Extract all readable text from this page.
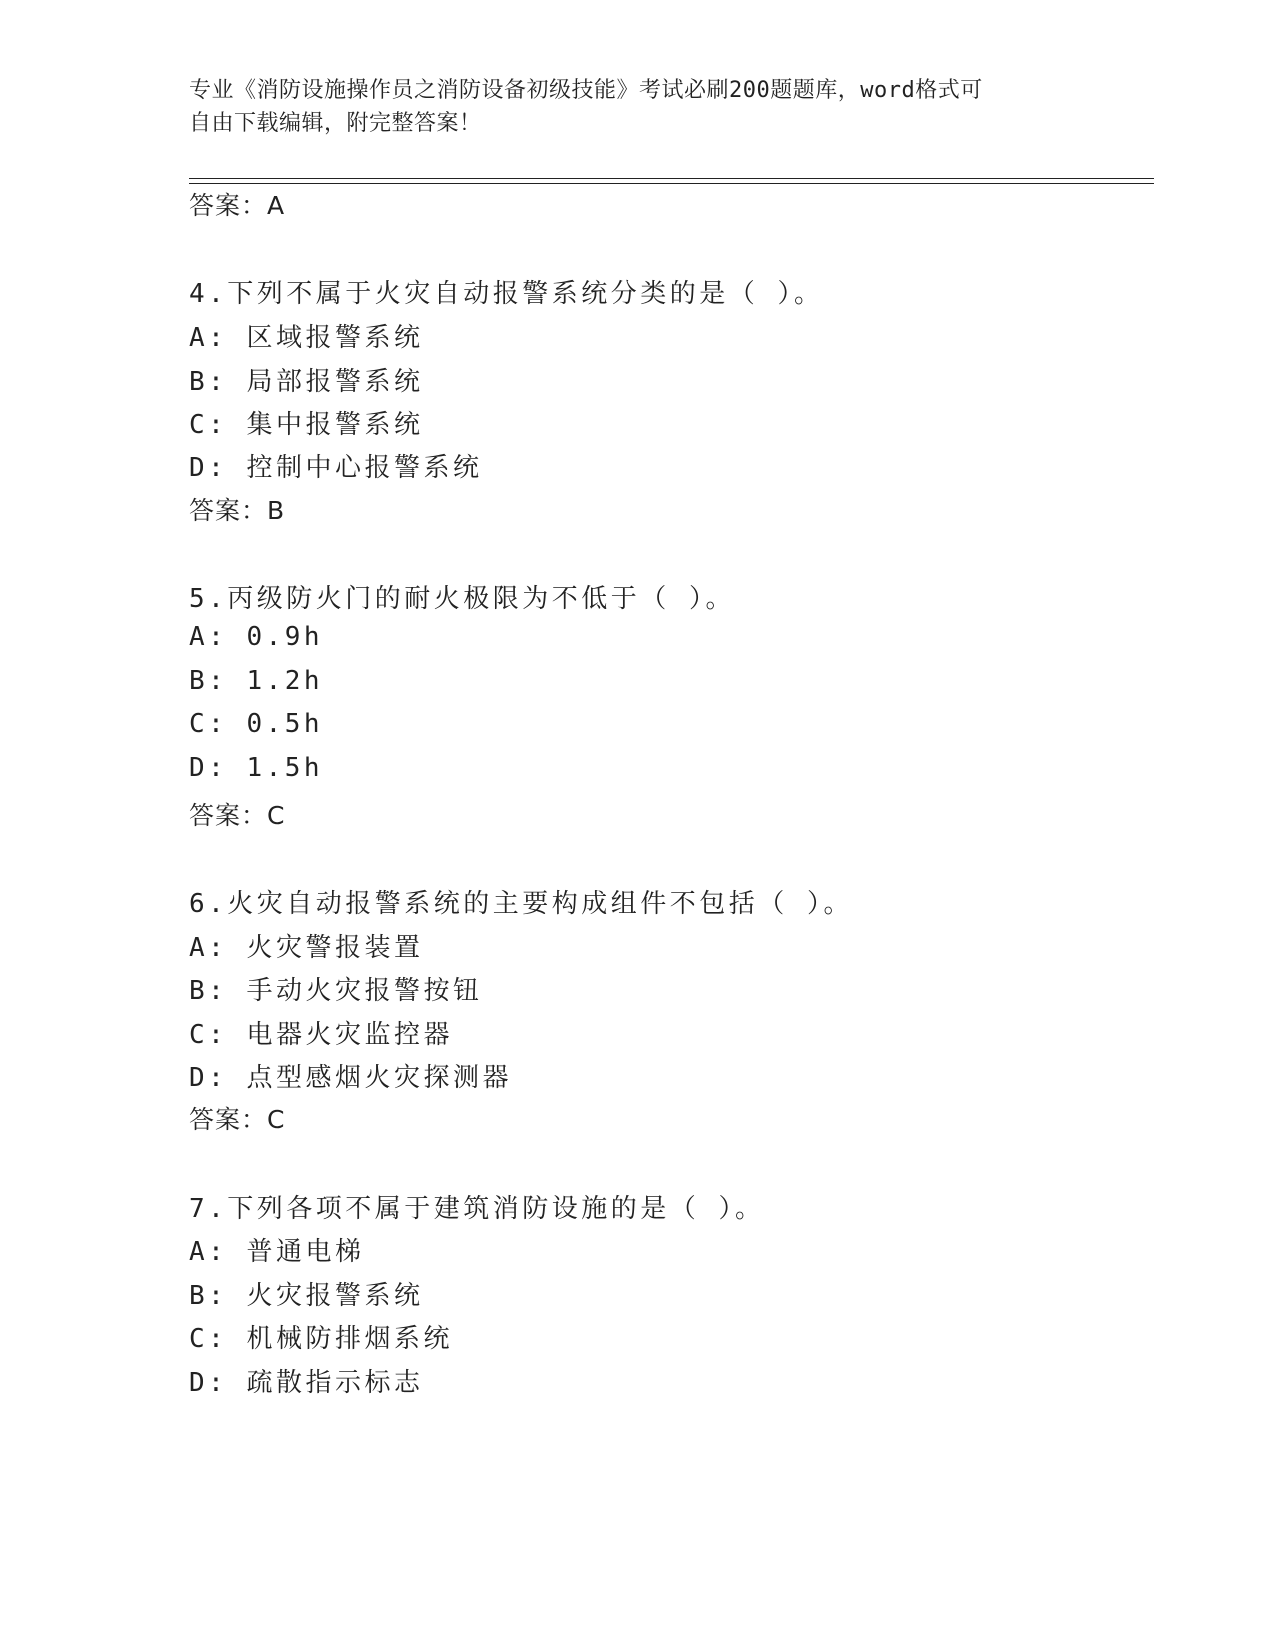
专业《消防设施操作员之消防设备初级技能》考试必刷200题题库，word格式可
自由下载编辑，附完整答案！
答案：A
4.下列不属于火灾自动报警系统分类的是（ ）。
A: 区域报警系统
B: 局部报警系统
C: 集中报警系统
D: 控制中心报警系统
答案：B
5.丙级防火门的耐火极限为不低于（ ）。
A: 0.9h
B: 1.2h
C: 0.5h
D: 1.5h
答案：C
6.火灾自动报警系统的主要构成组件不包括（ ）。
A: 火灾警报装置
B: 手动火灾报警按钮
C: 电器火灾监控器
D: 点型感烟火灾探测器
答案：C
7.下列各项不属于建筑消防设施的是（ ）。
A: 普通电梯
B: 火灾报警系统
C: 机械防排烟系统
D: 疏散指示标志
